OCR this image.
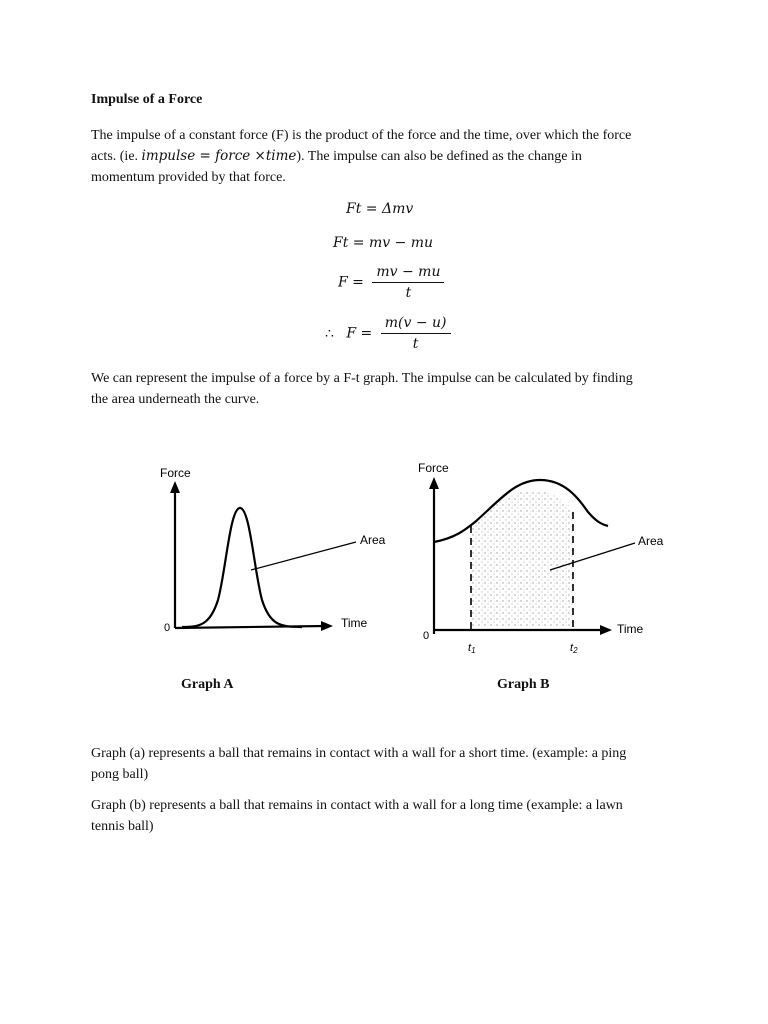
Impulse of a Force

The impulse of a constant force (F) is the product of the force and the time, over which the force
acts. (ie. impulse = force ×time). The impulse can also be defined as the change in
momentum provided by that force.

Ft = Δmv
Ft = mv − mu
$F = \frac{mv - mu}{t}$
∴ $F = \frac{m(v - u)}{t}$

We can represent the impulse of a force by a F-t graph. The impulse can be calculated by finding
the area underneath the curve.

Force
Time
0
Area
Force
Time
0
Area
t1	t2
Graph A	Graph B

Graph (a) represents a ball that remains in contact with a wall for a short time. (example: a ping
pong ball)

Graph (b) represents a ball that remains in contact with a wall for a long time (example: a lawn
tennis ball)
